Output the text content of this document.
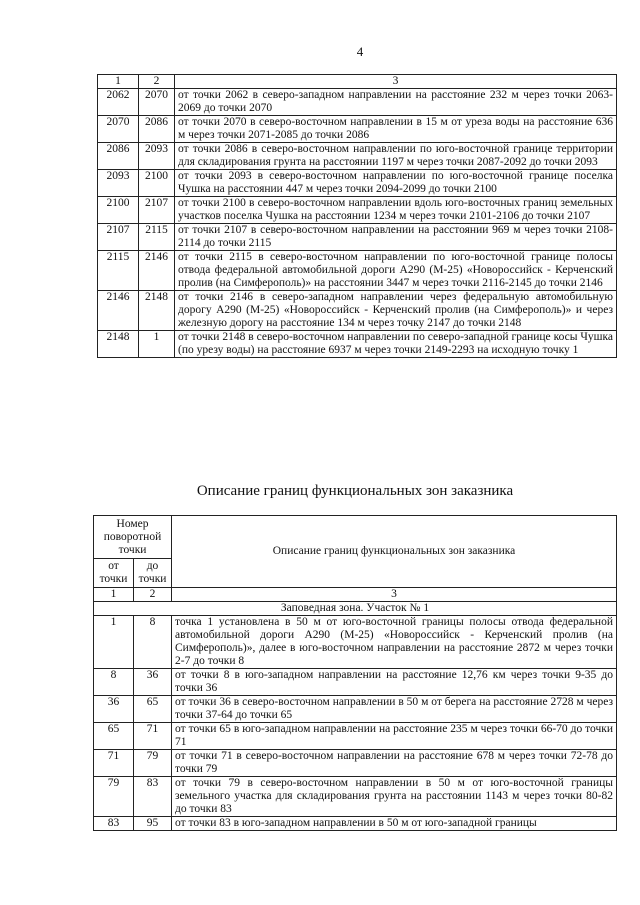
4
1	2	3
2062	2070	от точки 2062 в северо-западном направлении на расстояние 232 м через точки 2063-2069 до точки 2070
2070	2086	от точки 2070 в северо-восточном направлении в 15 м от уреза воды на расстояние 636 м через точки 2071-2085 до точки 2086
2086	2093	от точки 2086 в северо-восточном направлении по юго-восточной границе территории для складирования грунта на расстоянии 1197 м через точки 2087-2092 до точки 2093
2093	2100	от точки 2093 в северо-восточном направлении по юго-восточной границе поселка Чушка на расстоянии 447 м через точки 2094-2099 до точки 2100
2100	2107	от точки 2100 в северо-восточном направлении вдоль юго-восточных границ земельных участков поселка Чушка на расстоянии 1234 м через точки 2101-2106 до точки 2107
2107	2115	от точки 2107 в северо-восточном направлении на расстоянии 969 м через точки 2108-2114 до точки 2115
2115	2146	от точки 2115 в северо-восточном направлении по юго-восточной границе полосы отвода федеральной автомобильной дороги А290 (М-25) «Новороссийск - Керченский пролив (на Симферополь)» на расстоянии 3447 м через точки 2116-2145 до точки 2146
2146	2148	от точки 2146 в северо-западном направлении через федеральную автомобильную дорогу А290 (М-25) «Новороссийск - Керченский пролив (на Симферополь)» и через железную дорогу на расстояние 134 м через точку 2147 до точки 2148
2148	1	от точки 2148 в северо-восточном направлении по северо-западной границе косы Чушка (по урезу воды) на расстояние 6937 м через точки 2149-2293 на исходную точку 1
Описание границ функциональных зон заказника
Номер поворотной точки		Описание границ функциональных зон заказника
от точки	до точки	
1	2	3
Заповедная зона. Участок № 1		
1	8	точка 1 установлена в 50 м от юго-восточной границы полосы отвода федеральной автомобильной дороги А290 (М-25) «Новороссийск - Керченский пролив (на Симферополь)», далее в юго-восточном направлении на расстояние 2872 м через точки 2-7 до точки 8
8	36	от точки 8 в юго-западном направлении на расстояние 12,76 км через точки 9-35 до точки 36
36	65	от точки 36 в северо-восточном направлении в 50 м от берега на расстояние 2728 м через точки 37-64 до точки 65
65	71	от точки 65 в юго-западном направлении на расстояние 235 м через точки 66-70 до точки 71
71	79	от точки 71 в северо-восточном направлении на расстояние 678 м через точки 72-78 до точки 79
79	83	от точки 79 в северо-восточном направлении в 50 м от юго-восточной границы земельного участка для складирования грунта на расстоянии 1143 м через точки 80-82 до точки 83
83	95	от точки 83 в юго-западном направлении в 50 м от юго-западной границы
